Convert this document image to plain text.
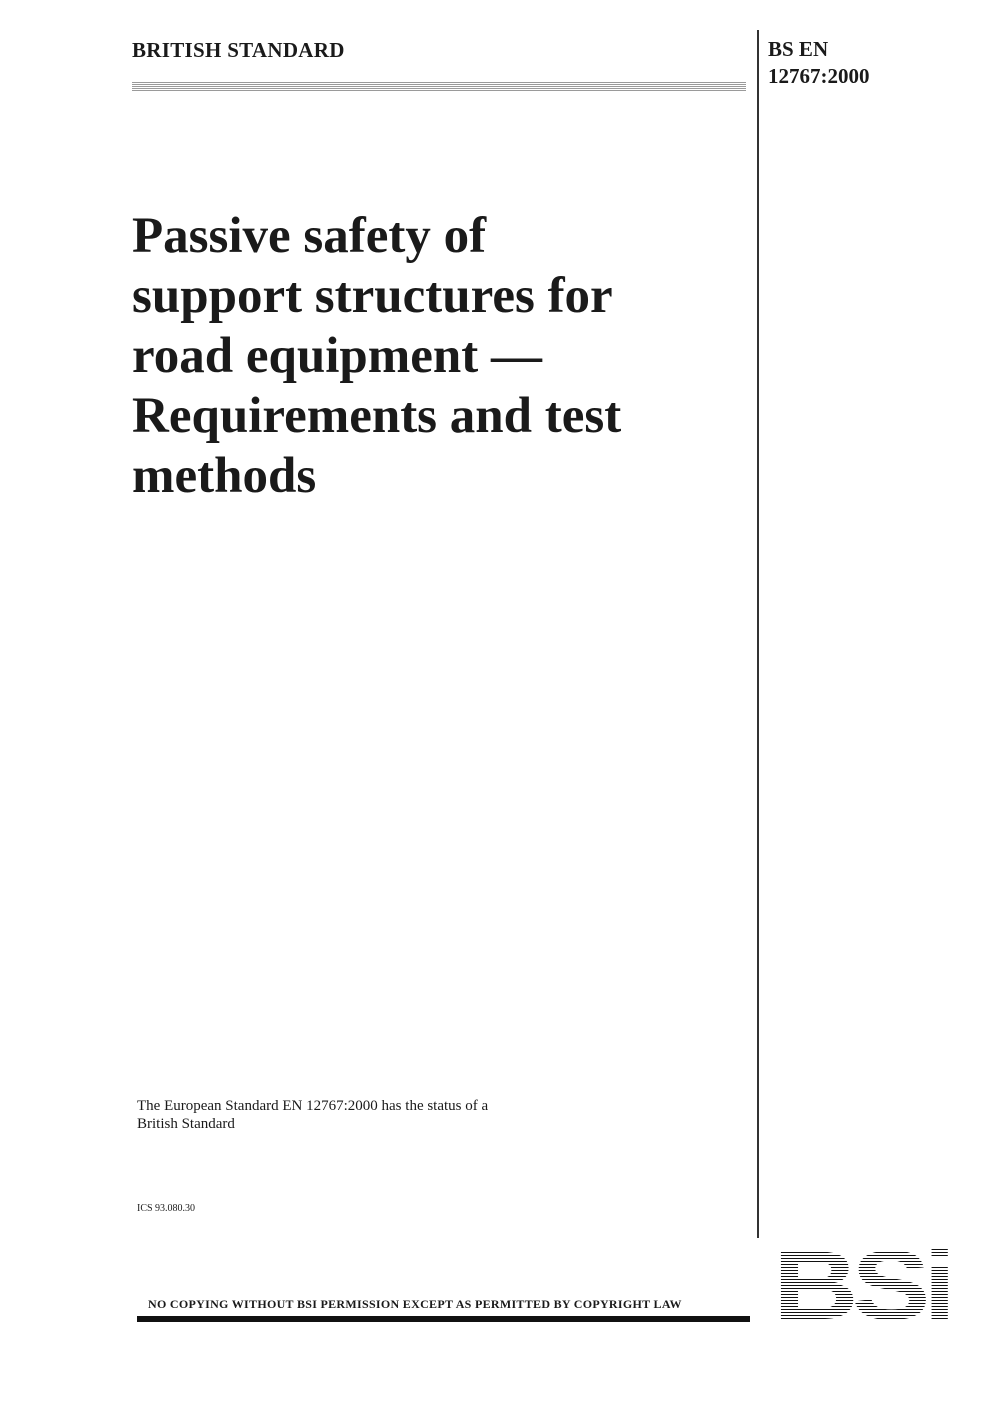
BRITISH STANDARD	BS EN
12767:2000
Passive safety of
support structures for
road equipment —
Requirements and test
methods
The European Standard EN 12767:2000 has the status of a
British Standard
ICS 93.080.30
NO COPYING WITHOUT BSI PERMISSION EXCEPT AS PERMITTED BY COPYRIGHT LAW
